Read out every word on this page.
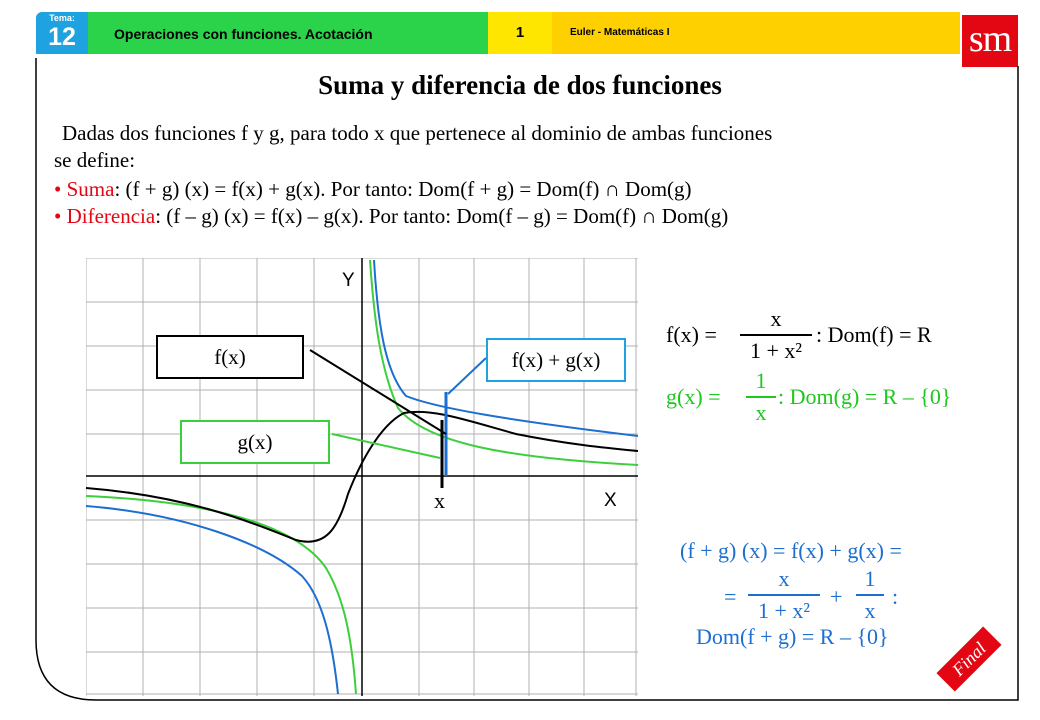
Tema:
12	Operaciones con funciones. Acotación	1	Euler - Matemáticas I	sm
Suma y diferencia de dos funciones
Dadas dos funciones f y g, para todo x que pertenece al dominio de ambas funciones
se define:
• Suma: (f + g) (x) = f(x) + g(x). Por tanto: Dom(f + g) = Dom(f) ∩ Dom(g)
• Diferencia: (f – g) (x) = f(x) – g(x). Por tanto: Dom(f – g) = Dom(f) ∩ Dom(g)
f(x)
g(x)
f(x) + g(x)
Y
X
x
f(x) =
x
1 + x²
: Dom(f) = R
g(x) =
1
x
: Dom(g) = R – {0}
(f + g) (x) = f(x) + g(x) =
=
x
1 + x²
+
1
x
:
Dom(f + g) = R – {0}
Final
